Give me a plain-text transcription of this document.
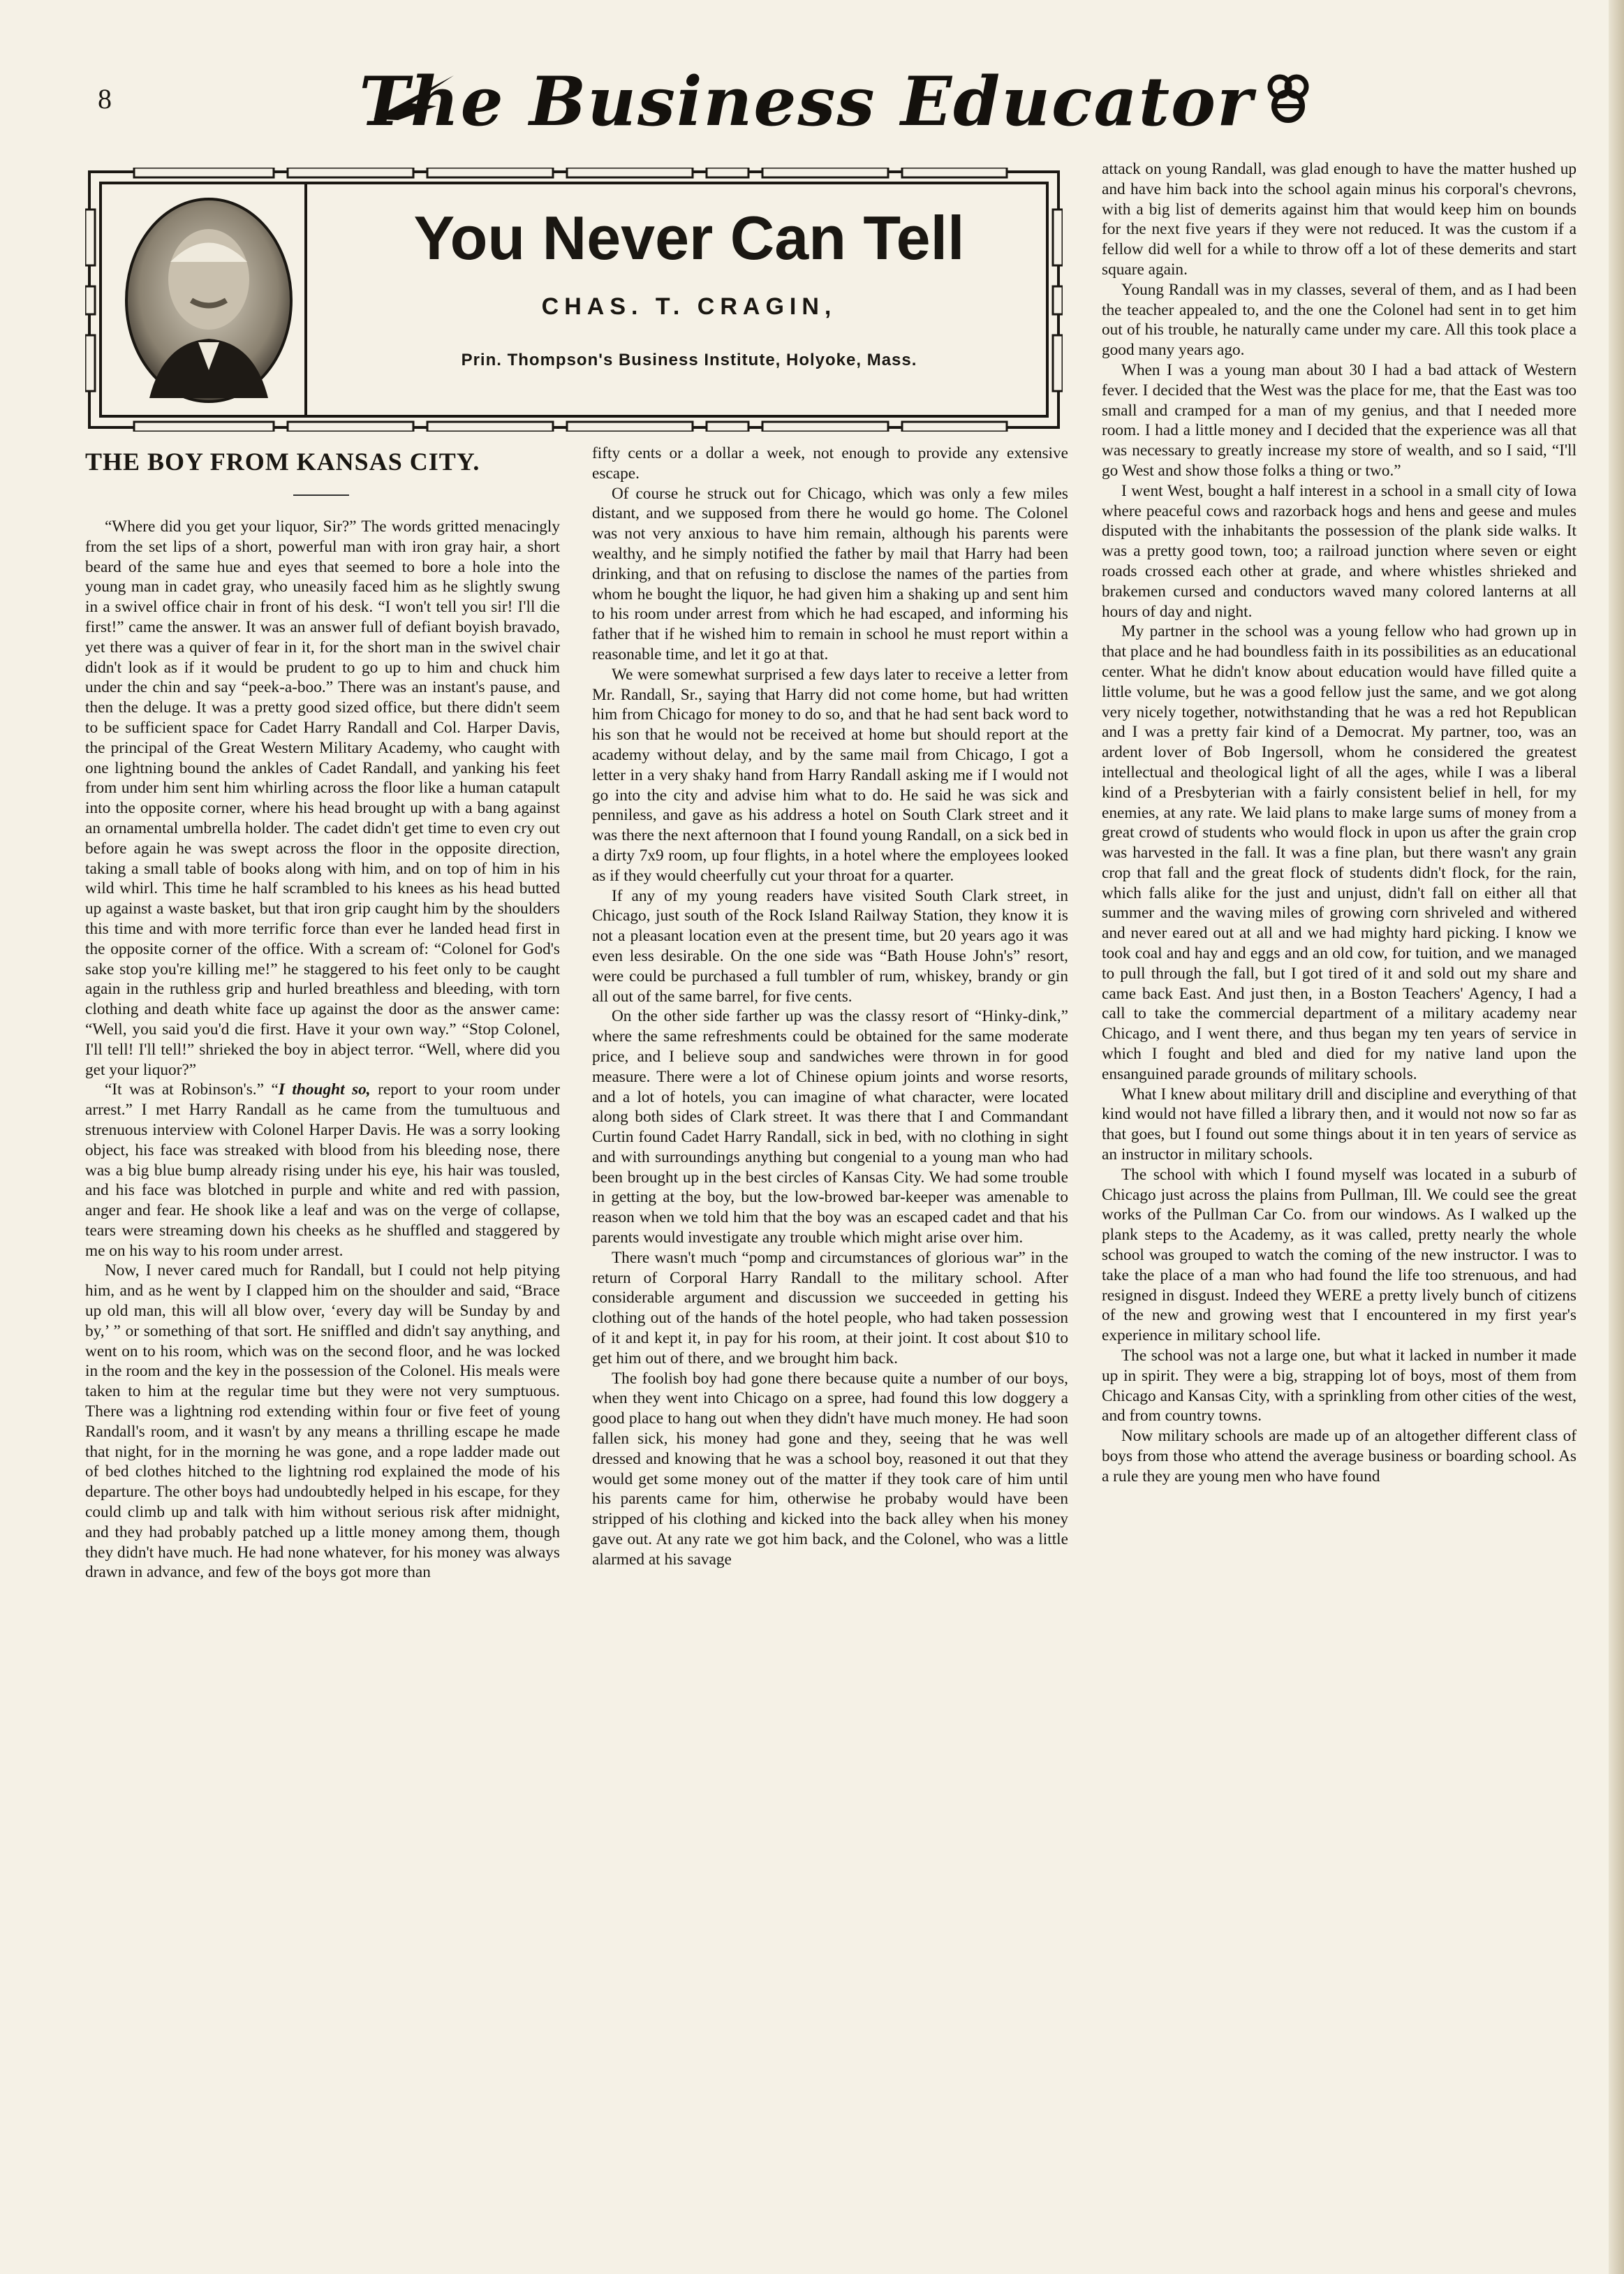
8	The Business Educator
You Never Can Tell
CHAS. T. CRAGIN,
Prin. Thompson's Business Institute, Holyoke, Mass.
THE BOY FROM KANSAS CITY.

“Where did you get your liquor, Sir?” The words gritted menacingly from the set lips of a short, powerful man with iron gray hair, a short beard of the same hue and eyes that seemed to bore a hole into the young man in cadet gray, who uneasily faced him as he slightly swung in a swivel office chair in front of his desk. “I won't tell you sir! I'll die first!” came the answer. It was an answer full of defiant boyish bravado, yet there was a quiver of fear in it, for the short man in the swivel chair didn't look as if it would be prudent to go up to him and chuck him under the chin and say “peek-a-boo.” There was an instant's pause, and then the deluge. It was a pretty good sized office, but there didn't seem to be sufficient space for Cadet Harry Randall and Col. Harper Davis, the principal of the Great Western Military Academy, who caught with one lightning bound the ankles of Cadet Randall, and yanking his feet from under him sent him whirling across the floor like a human catapult into the opposite corner, where his head brought up with a bang against an ornamental umbrella holder. The cadet didn't get time to even cry out before again he was swept across the floor in the opposite direction, taking a small table of books along with him, and on top of him in his wild whirl. This time he half scrambled to his knees as his head butted up against a waste basket, but that iron grip caught him by the shoulders this time and with more terrific force than ever he landed head first in the opposite corner of the office. With a scream of: “Colonel for God's sake stop you're killing me!” he staggered to his feet only to be caught again in the ruthless grip and hurled breathless and bleeding, with torn clothing and death white face up against the door as the answer came: “Well, you said you'd die first. Have it your own way.” “Stop Colonel, I'll tell! I'll tell!” shrieked the boy in abject terror. “Well, where did you get your liquor?”

“It was at Robinson's.” “I thought so, report to your room under arrest.” I met Harry Randall as he came from the tumultuous and strenuous interview with Colonel Harper Davis. He was a sorry looking object, his face was streaked with blood from his bleeding nose, there was a big blue bump already rising under his eye, his hair was tousled, and his face was blotched in purple and white and red with passion, anger and fear. He shook like a leaf and was on the verge of collapse, tears were streaming down his cheeks as he shuffled and staggered by me on his way to his room under arrest.

Now, I never cared much for Randall, but I could not help pitying him, and as he went by I clapped him on the shoulder and said, “Brace up old man, this will all blow over, ‘every day will be Sunday by and by,’ ” or something of that sort. He sniffled and didn't say anything, and went on to his room, which was on the second floor, and he was locked in the room and the key in the possession of the Colonel. His meals were taken to him at the regular time but they were not very sumptuous. There was a lightning rod extending within four or five feet of young Randall's room, and it wasn't by any means a thrilling escape he made that night, for in the morning he was gone, and a rope ladder made out of bed clothes hitched to the lightning rod explained the mode of his departure. The other boys had undoubtedly helped in his escape, for they could climb up and talk with him without serious risk after midnight, and they had probably patched up a little money among them, though they didn't have much. He had none whatever, for his money was always drawn in advance, and few of the boys got more than

fifty cents or a dollar a week, not enough to provide any extensive escape.

Of course he struck out for Chicago, which was only a few miles distant, and we supposed from there he would go home. The Colonel was not very anxious to have him remain, although his parents were wealthy, and he simply notified the father by mail that Harry had been drinking, and that on refusing to disclose the names of the parties from whom he bought the liquor, he had given him a shaking up and sent him to his room under arrest from which he had escaped, and informing his father that if he wished him to remain in school he must report within a reasonable time, and let it go at that.

We were somewhat surprised a few days later to receive a letter from Mr. Randall, Sr., saying that Harry did not come home, but had written him from Chicago for money to do so, and that he had sent back word to his son that he would not be received at home but should report at the academy without delay, and by the same mail from Chicago, I got a letter in a very shaky hand from Harry Randall asking me if I would not go into the city and advise him what to do. He said he was sick and penniless, and gave as his address a hotel on South Clark street and it was there the next afternoon that I found young Randall, on a sick bed in a dirty 7x9 room, up four flights, in a hotel where the employees looked as if they would cheerfully cut your throat for a quarter.

If any of my young readers have visited South Clark street, in Chicago, just south of the Rock Island Railway Station, they know it is not a pleasant location even at the present time, but 20 years ago it was even less desirable. On the one side was “Bath House John's” resort, were could be purchased a full tumbler of rum, whiskey, brandy or gin all out of the same barrel, for five cents.

On the other side farther up was the classy resort of “Hinky-dink,” where the same refreshments could be obtained for the same moderate price, and I believe soup and sandwiches were thrown in for good measure. There were a lot of Chinese opium joints and worse resorts, and a lot of hotels, you can imagine of what character, were located along both sides of Clark street. It was there that I and Commandant Curtin found Cadet Harry Randall, sick in bed, with no clothing in sight and with surroundings anything but congenial to a young man who had been brought up in the best circles of Kansas City. We had some trouble in getting at the boy, but the low-browed bar-keeper was amenable to reason when we told him that the boy was an escaped cadet and that his parents would investigate any trouble which might arise over him.

There wasn't much “pomp and circumstances of glorious war” in the return of Corporal Harry Randall to the military school. After considerable argument and discussion we succeeded in getting his clothing out of the hands of the hotel people, who had taken possession of it and kept it, in pay for his room, at their joint. It cost about $10 to get him out of there, and we brought him back.

The foolish boy had gone there because quite a number of our boys, when they went into Chicago on a spree, had found this low doggery a good place to hang out when they didn't have much money. He had soon fallen sick, his money had gone and they, seeing that he was well dressed and knowing that he was a school boy, reasoned it out that they would get some money out of the matter if they took care of him until his parents came for him, otherwise he probaby would have been stripped of his clothing and kicked into the back alley when his money gave out. At any rate we got him back, and the Colonel, who was a little alarmed at his savage

attack on young Randall, was glad enough to have the matter hushed up and have him back into the school again minus his corporal's chevrons, with a big list of demerits against him that would keep him on bounds for the next five years if they were not reduced. It was the custom if a fellow did well for a while to throw off a lot of these demerits and start square again.

Young Randall was in my classes, several of them, and as I had been the teacher appealed to, and the one the Colonel had sent in to get him out of his trouble, he naturally came under my care. All this took place a good many years ago.

When I was a young man about 30 I had a bad attack of Western fever. I decided that the West was the place for me, that the East was too small and cramped for a man of my genius, and that I needed more room. I had a little money and I decided that the experience was all that was necessary to greatly increase my store of wealth, and so I said, “I'll go West and show those folks a thing or two.”

I went West, bought a half interest in a school in a small city of Iowa where peaceful cows and razorback hogs and hens and geese and mules disputed with the inhabitants the possession of the plank side walks. It was a pretty good town, too; a railroad junction where seven or eight roads crossed each other at grade, and where whistles shrieked and brakemen cursed and conductors waved many colored lanterns at all hours of day and night.

My partner in the school was a young fellow who had grown up in that place and he had boundless faith in its possibilities as an educational center. What he didn't know about education would have filled quite a little volume, but he was a good fellow just the same, and we got along very nicely together, notwithstanding that he was a red hot Republican and I was a pretty fair kind of a Democrat. My partner, too, was an ardent lover of Bob Ingersoll, whom he considered the greatest intellectual and theological light of all the ages, while I was a liberal kind of a Presbyterian with a fairly consistent belief in hell, for my enemies, at any rate. We laid plans to make large sums of money from a great crowd of students who would flock in upon us after the grain crop was harvested in the fall. It was a fine plan, but there wasn't any grain crop that fall and the great flock of students didn't flock, for the rain, which falls alike for the just and unjust, didn't fall on either all that summer and the waving miles of growing corn shriveled and withered and never eared out at all and we had mighty hard picking. I know we took coal and hay and eggs and an old cow, for tuition, and we managed to pull through the fall, but I got tired of it and sold out my share and came back East. And just then, in a Boston Teachers' Agency, I had a call to take the commercial department of a military academy near Chicago, and I went there, and thus began my ten years of service in which I fought and bled and died for my native land upon the ensanguined parade grounds of military schools.

What I knew about military drill and discipline and everything of that kind would not have filled a library then, and it would not now so far as that goes, but I found out some things about it in ten years of service as an instructor in military schools.

The school with which I found myself was located in a suburb of Chicago just across the plains from Pullman, Ill. We could see the great works of the Pullman Car Co. from our windows. As I walked up the plank steps to the Academy, as it was called, pretty nearly the whole school was grouped to watch the coming of the new instructor. I was to take the place of a man who had found the life too strenuous, and had resigned in disgust. Indeed they WERE a pretty lively bunch of citizens of the new and growing west that I encountered in my first year's experience in military school life.

The school was not a large one, but what it lacked in number it made up in spirit. They were a big, strapping lot of boys, most of them from Chicago and Kansas City, with a sprinkling from other cities of the west, and from country towns.

Now military schools are made up of an altogether different class of boys from those who attend the average business or boarding school. As a rule they are young men who have found
